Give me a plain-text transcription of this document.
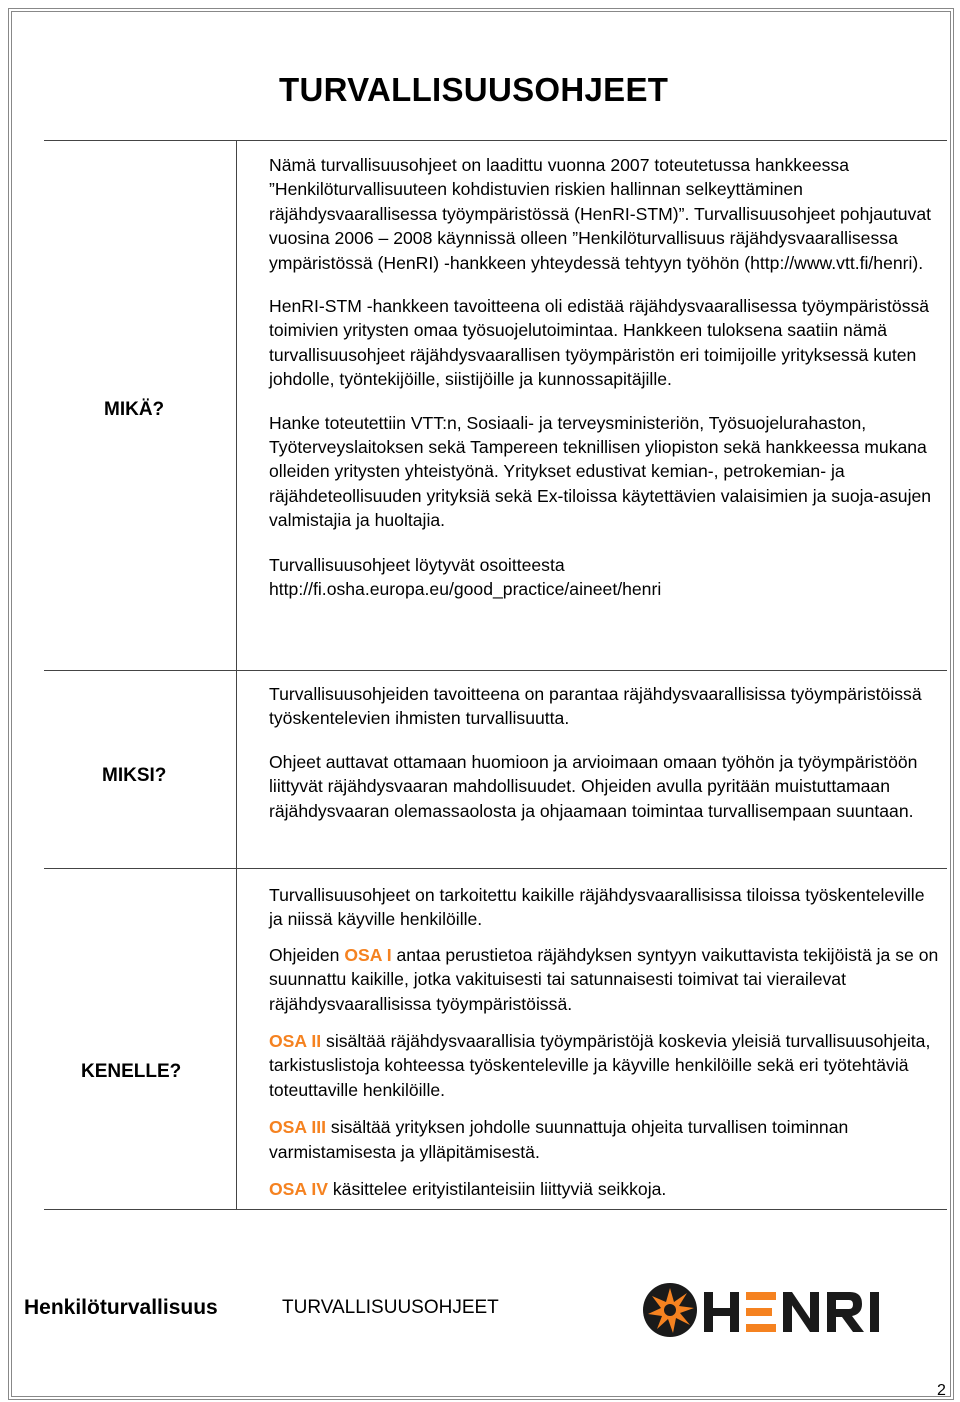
TURVALLISUUSOHJEET
MIKÄ?

Nämä turvallisuusohjeet on laadittu vuonna 2007 toteutetussa hankkeessa ”Henkilöturvallisuuteen kohdistuvien riskien hallinnan selkeyttäminen räjähdysvaarallisessa työympäristössä (HenRI-STM)”. Turvallisuusohjeet pohjautuvat vuosina 2006 – 2008 käynnissä olleen ”Henkilöturvallisuus räjähdysvaarallisessa ympäristössä (HenRI) -hankkeen yhteydessä tehtyyn työhön (http://www.vtt.fi/henri).

HenRI-STM -hankkeen tavoitteena oli edistää räjähdysvaarallisessa työympäristössä toimivien yritysten omaa työsuojelutoimintaa. Hankkeen tuloksena saatiin nämä turvallisuusohjeet räjähdysvaarallisen työympäristön eri toimijoille yrityksessä kuten johdolle, työntekijöille, siistijöille ja kunnossapitäjille.

Hanke toteutettiin VTT:n, Sosiaali- ja terveysministeriön, Työsuojelurahaston, Työterveyslaitoksen sekä Tampereen teknillisen yliopiston sekä hankkeessa mukana olleiden yritysten yhteistyönä. Yritykset edustivat kemian-, petrokemian- ja räjähdeteollisuuden yrityksiä sekä Ex-tiloissa käytettävien valaisimien ja suoja-asujen valmistajia ja huoltajia.

Turvallisuusohjeet löytyvät osoitteesta

http://fi.osha.europa.eu/good_practice/aineet/henri

MIKSI?

Turvallisuusohjeiden tavoitteena on parantaa räjähdysvaarallisissa työympäristöissä työskentelevien ihmisten turvallisuutta.

Ohjeet auttavat ottamaan huomioon ja arvioimaan omaan työhön ja työympäristöön liittyvät räjähdysvaaran mahdollisuudet. Ohjeiden avulla pyritään muistuttamaan räjähdysvaaran olemassaolosta ja ohjaamaan toimintaa turvallisempaan suuntaan.

KENELLE?

Turvallisuusohjeet on tarkoitettu kaikille räjähdysvaarallisissa tiloissa työskenteleville ja niissä käyville henkilöille.

Ohjeiden OSA I antaa perustietoa räjähdyksen syntyyn vaikuttavista tekijöistä ja se on suunnattu kaikille, jotka vakituisesti tai satunnaisesti toimivat tai vierailevat räjähdysvaarallisissa työympäristöissä.

OSA II sisältää räjähdysvaarallisia työympäristöjä koskevia yleisiä turvallisuusohjeita, tarkistuslistoja kohteessa työskenteleville ja käyville henkilöille sekä eri työtehtäviä toteuttaville henkilöille.

OSA III sisältää yrityksen johdolle suunnattuja ohjeita turvallisen toiminnan varmistamisesta ja ylläpitämisestä.

OSA IV käsittelee erityistilanteisiin liittyviä seikkoja.

Henkilöturvallisuus	TURVALLISUUSOHJEET
2
